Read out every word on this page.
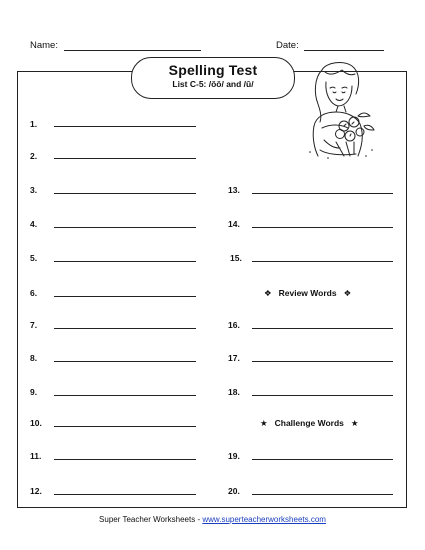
Name:	Date:
Spelling Test
List C-5: /ŏŏ/ and /ū/
1.
2.
3.
4.
5.
6.
7.
8.
9.
10.
11.
12.
13.
14.
15.
❖ Review Words ❖
16.
17.
18.
★ Challenge Words ★
19.
20.
Super Teacher Worksheets - www.superteacherworksheets.com
